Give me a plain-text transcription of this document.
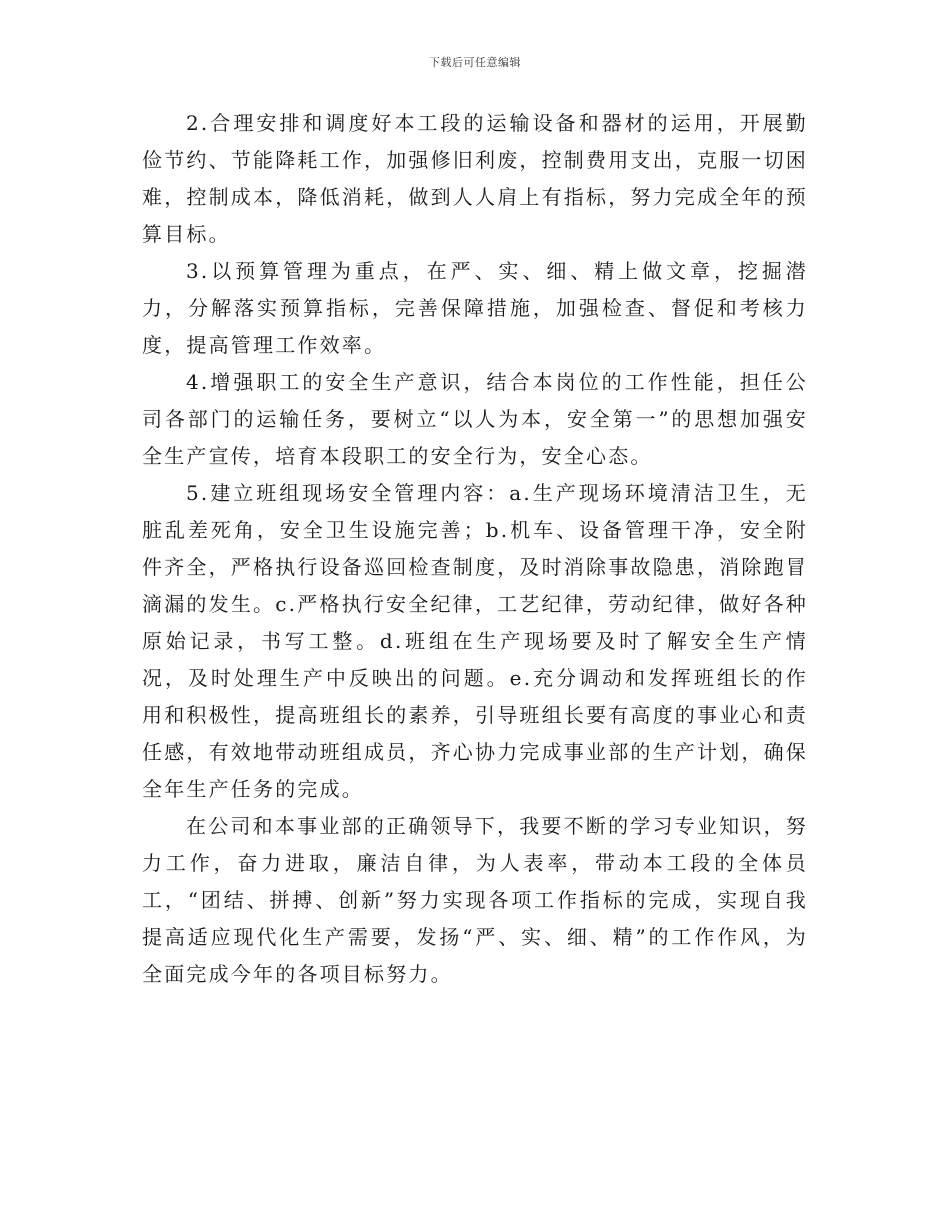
下载后可任意编辑

2.合理安排和调度好本工段的运输设备和器材的运用，开展勤俭节约、节能降耗工作，加强修旧利废，控制费用支出，克服一切困难，控制成本，降低消耗，做到人人肩上有指标，努力完成全年的预算目标。

3.以预算管理为重点，在严、实、细、精上做文章，挖掘潜力，分解落实预算指标，完善保障措施，加强检查、督促和考核力度，提高管理工作效率。

4.增强职工的安全生产意识，结合本岗位的工作性能，担任公司各部门的运输任务，要树立“以人为本，安全第一”的思想加强安全生产宣传，培育本段职工的安全行为，安全心态。

5.建立班组现场安全管理内容：a.生产现场环境清洁卫生，无脏乱差死角，安全卫生设施完善；b.机车、设备管理干净，安全附件齐全，严格执行设备巡回检查制度，及时消除事故隐患，消除跑冒滴漏的发生。c.严格执行安全纪律，工艺纪律，劳动纪律，做好各种原始记录，书写工整。d.班组在生产现场要及时了解安全生产情况，及时处理生产中反映出的问题。e.充分调动和发挥班组长的作用和积极性，提高班组长的素养，引导班组长要有高度的事业心和责任感，有效地带动班组成员，齐心协力完成事业部的生产计划，确保全年生产任务的完成。

在公司和本事业部的正确领导下，我要不断的学习专业知识，努力工作，奋力进取，廉洁自律，为人表率，带动本工段的全体员工，“团结、拼搏、创新”努力实现各项工作指标的完成，实现自我提高适应现代化生产需要，发扬“严、实、细、精”的工作作风，为全面完成今年的各项目标努力。
